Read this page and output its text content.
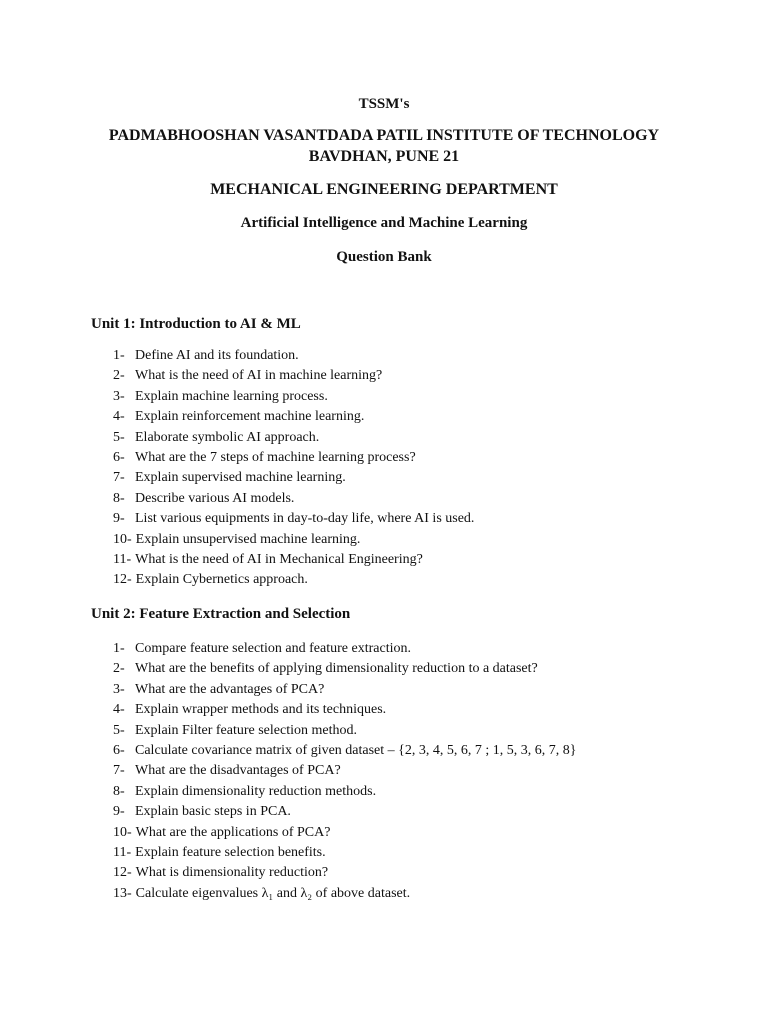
TSSM's
PADMABHOOSHAN VASANTDADA PATIL INSTITUTE OF TECHNOLOGY
BAVDHAN, PUNE 21
MECHANICAL ENGINEERING DEPARTMENT
Artificial Intelligence and Machine Learning
Question Bank
Unit 1: Introduction to AI & ML
1- Define AI and its foundation.
2- What is the need of AI in machine learning?
3- Explain machine learning process.
4- Explain reinforcement machine learning.
5- Elaborate symbolic AI approach.
6- What are the 7 steps of machine learning process?
7- Explain supervised machine learning.
8- Describe various AI models.
9- List various equipments in day-to-day life, where AI is used.
10- Explain unsupervised machine learning.
11- What is the need of AI in Mechanical Engineering?
12- Explain Cybernetics approach.
Unit 2: Feature Extraction and Selection
1- Compare feature selection and feature extraction.
2- What are the benefits of applying dimensionality reduction to a dataset?
3- What are the advantages of PCA?
4- Explain wrapper methods and its techniques.
5- Explain Filter feature selection method.
6- Calculate covariance matrix of given dataset – {2, 3, 4, 5, 6, 7 ; 1, 5, 3, 6, 7, 8}
7- What are the disadvantages of PCA?
8- Explain dimensionality reduction methods.
9- Explain basic steps in PCA.
10- What are the applications of PCA?
11- Explain feature selection benefits.
12- What is dimensionality reduction?
13- Calculate eigenvalues λ₁ and λ₂ of above dataset.
